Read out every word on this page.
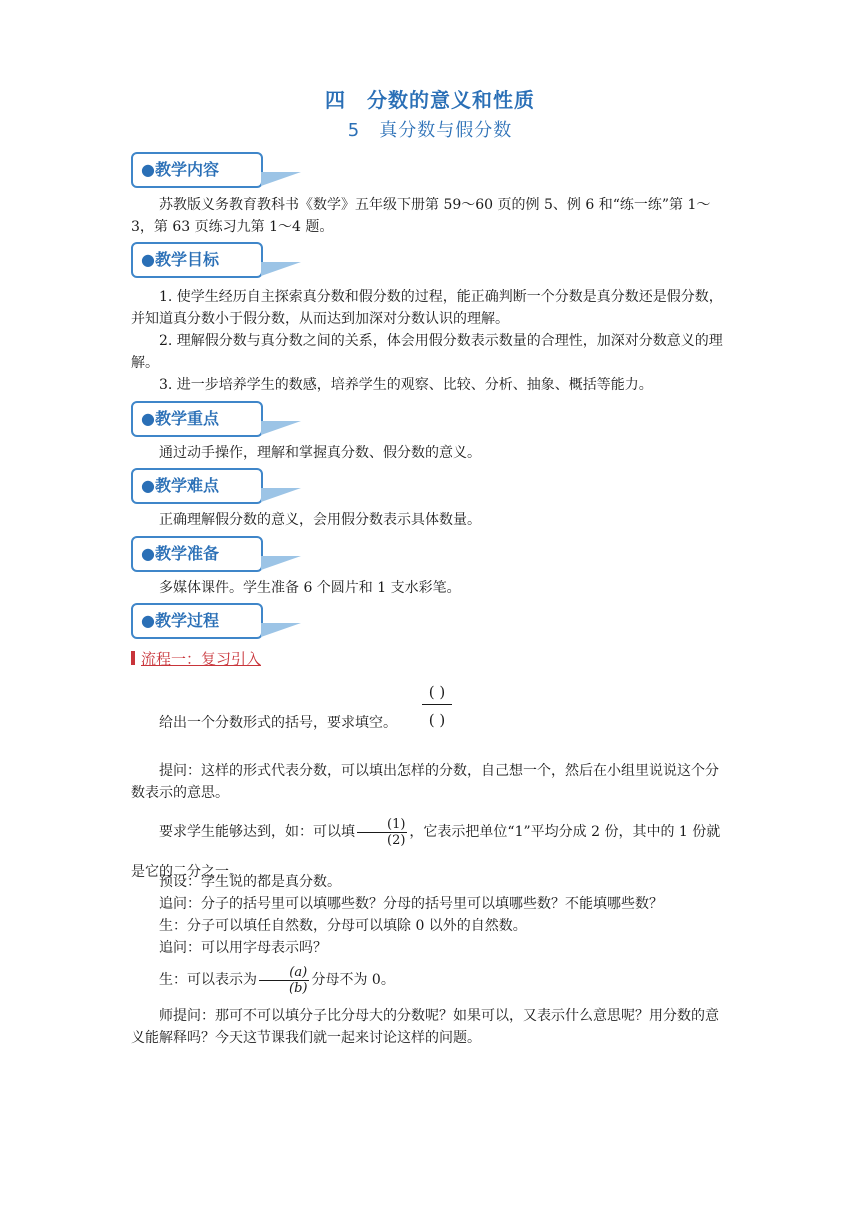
四　分数的意义和性质
5　真分数与假分数
●教学内容

苏教版义务教育教科书《数学》五年级下册第 59～60 页的例 5、例 6 和“练一练”第 1～3，第 63 页练习九第 1～4 题。

●教学目标

1. 使学生经历自主探索真分数和假分数的过程，能正确判断一个分数是真分数还是假分数，并知道真分数小于假分数，从而达到加深对分数认识的理解。

2. 理解假分数与真分数之间的关系，体会用假分数表示数量的合理性，加深对分数意义的理解。

3. 进一步培养学生的数感，培养学生的观察、比较、分析、抽象、概括等能力。

●教学重点

通过动手操作，理解和掌握真分数、假分数的意义。

●教学难点

正确理解假分数的意义，会用假分数表示具体数量。

●教学准备

多媒体课件。学生准备 6 个圆片和 1 支水彩笔。

●教学过程
流程一：复习引入

给出一个分数形式的括号，要求填空。

( )
( )

提问：这样的形式代表分数，可以填出怎样的分数，自己想一个，然后在小组里说说这个分数表示的意思。

要求学生能够达到，如：可以填 $\frac{(1)}{(2)}$ ，它表示把单位“1”平均分成 2 份，其中的 1 份就是它的二分之一。

预设：学生说的都是真分数。

追问：分子的括号里可以填哪些数？分母的括号里可以填哪些数？不能填哪些数？

生：分子可以填任自然数，分母可以填除 0 以外的自然数。

追问：可以用字母表示吗？

生：可以表示为 $\frac{(a)}{(b)}$ 分母不为 0。

师提问：那可不可以填分子比分母大的分数呢？如果可以，又表示什么意思呢？用分数的意义能解释吗？今天这节课我们就一起来讨论这样的问题。
